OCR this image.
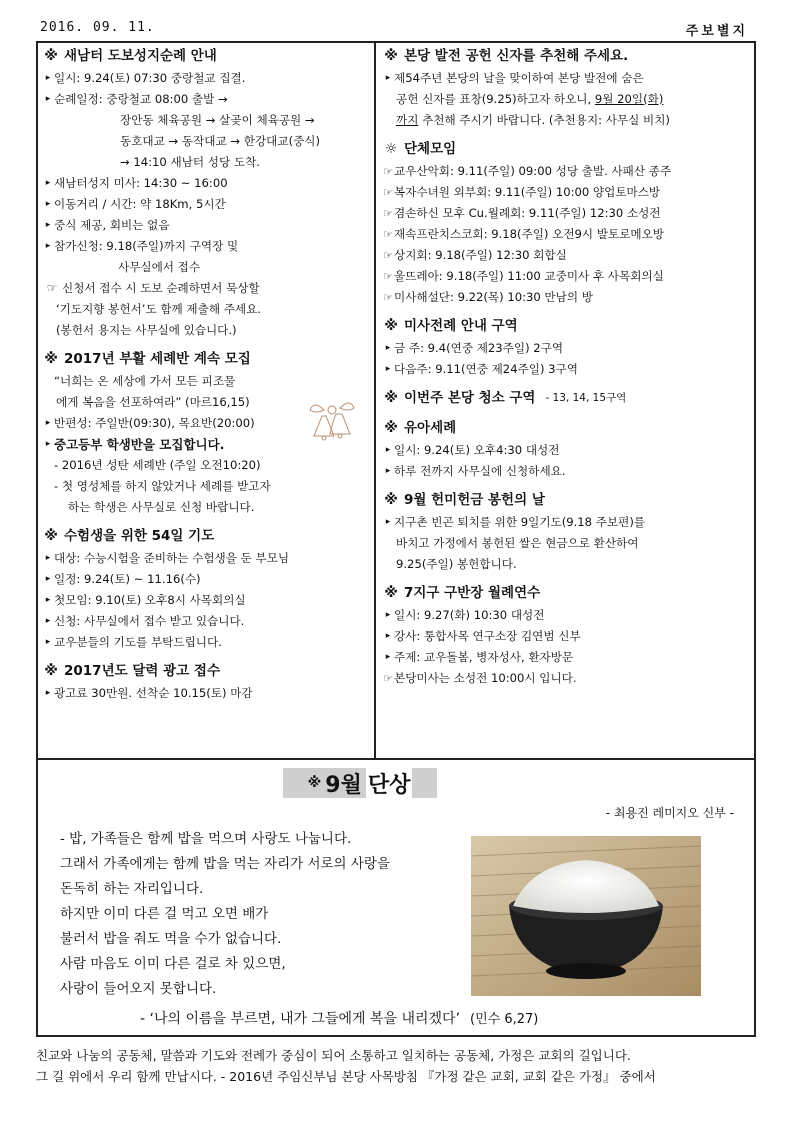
2016. 09. 11.	주보별지
※ 새남터 도보성지순례 안내
▸ 일시: 9.24(토) 07:30 중랑철교 집결.
▸ 순례일정: 중랑철교 08:00 출발 →
장안동 체육공원 → 살곶이 체육공원 →
동호대교 → 동작대교 → 한강대교(중식)
→ 14:10 새남터 성당 도착.
▸ 새남터성지 미사: 14:30 ~ 16:00
▸ 이동거리 / 시간: 약 18Km, 5시간
▸ 중식 제공, 회비는 없음
▸ 참가신청: 9.18(주일)까지 구역장 및
사무실에서 접수
☞ 신청서 접수 시 도보 순례하면서 묵상할
‘기도지향 봉헌서’도 함께 제출해 주세요.
(봉헌서 용지는 사무실에 있습니다.)
※ 2017년 부활 세례반 계속 모집
“너희는 온 세상에 가서 모든 피조물
에게 복음을 선포하여라” (마르16,15)
▸ 반편성: 주일반(09:30), 목요반(20:00)
▸ 중고등부 학생반을 모집합니다.
- 2016년 성탄 세례반 (주일 오전10:20)
- 첫 영성체를 하지 않았거나 세례를 받고자
하는 학생은 사무실로 신청 바랍니다.
※ 수험생을 위한 54일 기도
▸ 대상: 수능시험을 준비하는 수험생을 둔 부모님
▸ 일정: 9.24(토) ~ 11.16(수)
▸ 첫모임: 9.10(토) 오후8시 사목회의실
▸ 신청: 사무실에서 접수 받고 있습니다.
▸ 교우분들의 기도를 부탁드립니다.
※ 2017년도 달력 광고 접수
▸ 광고료 30만원. 선착순 10.15(토) 마감
※ 본당 발전 공헌 신자를 추천해 주세요.
▸ 제54주년 본당의 날을 맞이하여 본당 발전에 숨은
공헌 신자를 표창(9.25)하고자 하오니,
9월 20일(화)
까지
추천해 주시기 바랍니다. (추천용지: 사무실 비치)
☼ 단체모임
☞ 교우산악회: 9.11(주일) 09:00 성당 출발. 사패산 종주
☞ 복자수녀원 외부회: 9.11(주일) 10:00 양업토마스방
☞ 겸손하신 모후 Cu.월례회: 9.11(주일) 12:30 소성전
☞ 재속프란치스코회: 9.18(주일) 오전9시 발토로메오방
☞ 상지회: 9.18(주일) 12:30 회합실
☞ 울뜨레아: 9.18(주일) 11:00 교중미사 후 사목회의실
☞ 미사해설단: 9.22(목) 10:30 만남의 방
※ 미사전례 안내 구역
▸ 금 주: 9.4(연중 제23주일) 2구역
▸ 다음주: 9.11(연중 제24주일) 3구역
※ 이번주 본당 청소 구역 - 13, 14, 15구역
※ 유아세례
▸ 일시: 9.24(토) 오후4:30 대성전
▸ 하루 전까지 사무실에 신청하세요.
※ 9월 헌미헌금 봉헌의 날
▸ 지구촌 빈곤 퇴치를 위한 9일기도(9.18 주보편)를
바치고 가정에서 봉헌된 쌀은 현금으로 환산하여
9.25(주일) 봉헌합니다.
※ 7지구 구반장 월례연수
▸ 일시: 9.27(화) 10:30 대성전
▸ 강사: 통합사목 연구소장 김연범 신부
▸ 주제: 교우돌봄, 병자성사, 환자방문
☞ 본당미사는 소성전 10:00시 입니다.
※ 9월 단상
- 최용진 레미지오 신부 -
- 밥, 가족들은 함께 밥을 먹으며 사랑도 나눕니다.
그래서 가족에게는 함께 밥을 먹는 자리가 서로의 사랑을
돈독히 하는 자리입니다.
하지만 이미 다른 걸 먹고 오면 배가
불러서 밥을 줘도 먹을 수가 없습니다.
사람 마음도 이미 다른 걸로 차 있으면,
사랑이 들어오지 못합니다.
- ‘나의 이름을 부르면, 내가 그들에게 복을 내리겠다’ (민수 6,27)
친교와 나눔의 공동체, 말씀과 기도와 전례가 중심이 되어 소통하고 일치하는 공동체, 가정은 교회의 길입니다.
그 길 위에서 우리 함께 만납시다. - 2016년 주임신부님 본당 사목방침 『가정 같은 교회, 교회 같은 가정』 중에서
